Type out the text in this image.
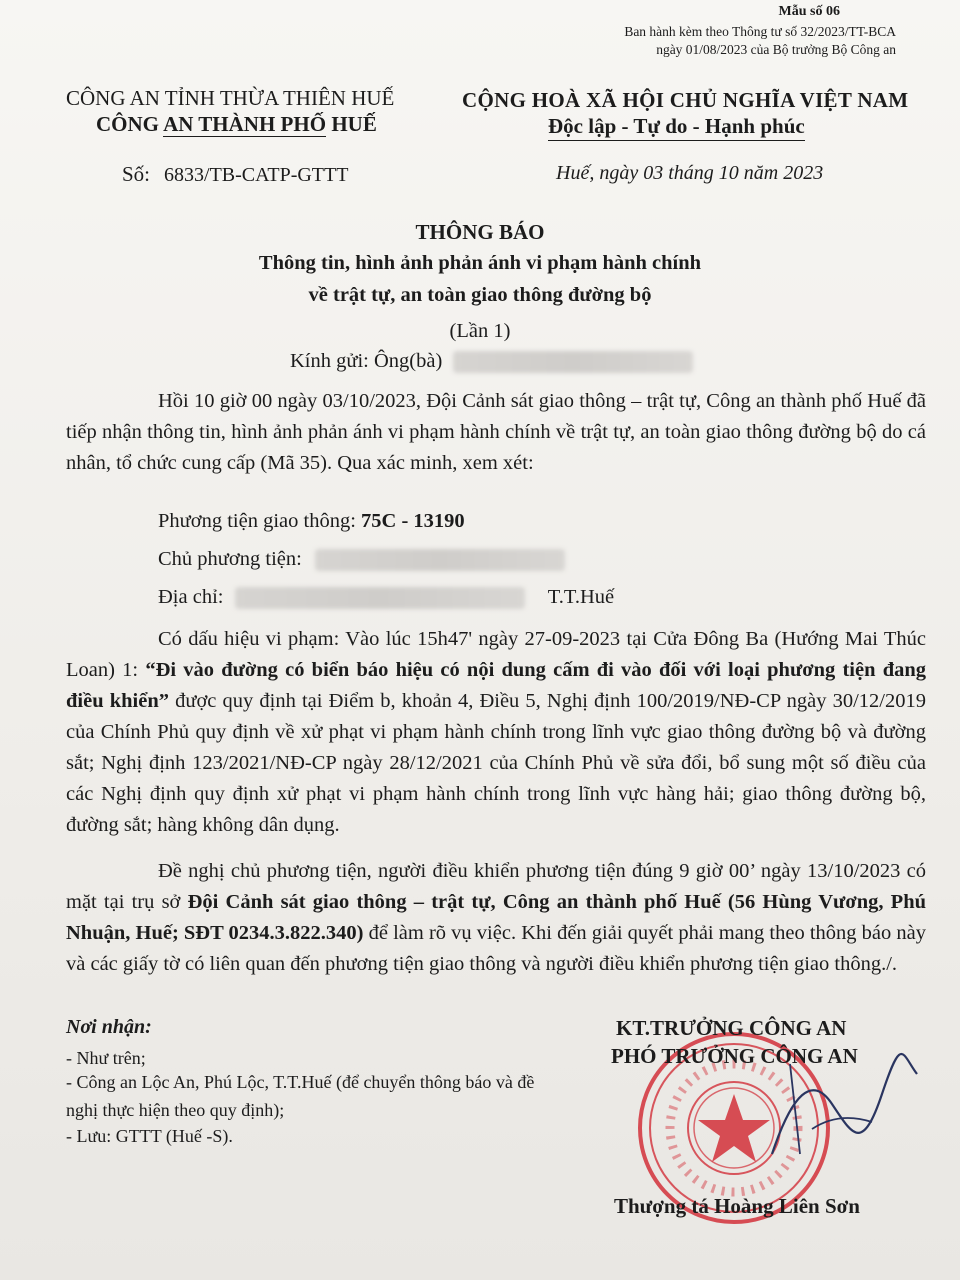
Mẫu số 06
Ban hành kèm theo Thông tư số 32/2023/TT-BCA
ngày 01/08/2023 của Bộ trưởng Bộ Công an
CÔNG AN TỈNH THỪA THIÊN HUẾ
CÔNG AN THÀNH PHỐ HUẾ
CỘNG HOÀ XÃ HỘI CHỦ NGHĨA VIỆT NAM
Độc lập - Tự do - Hạnh phúc
Số: 6833/TB-CATP-GTTT	Huế, ngày 03 tháng 10 năm 2023
THÔNG BÁO
Thông tin, hình ảnh phản ánh vi phạm hành chính
về trật tự, an toàn giao thông đường bộ
(Lần 1)
Kính gửi: Ông(bà)
Hồi 10 giờ 00 ngày 03/10/2023, Đội Cảnh sát giao thông – trật tự, Công an thành phố Huế đã tiếp nhận thông tin, hình ảnh phản ánh vi phạm hành chính về trật tự, an toàn giao thông đường bộ do cá nhân, tổ chức cung cấp (Mã 35). Qua xác minh, xem xét:
Phương tiện giao thông: 75C - 13190
Chủ phương tiện:
Địa chỉ:	T.T.Huế
Có dấu hiệu vi phạm: Vào lúc 15h47' ngày 27-09-2023 tại Cửa Đông Ba (Hướng Mai Thúc Loan) 1: “Đi vào đường có biển báo hiệu có nội dung cấm đi vào đối với loại phương tiện đang điều khiển” được quy định tại Điểm b, khoản 4, Điều 5, Nghị định 100/2019/NĐ-CP ngày 30/12/2019 của Chính Phủ quy định về xử phạt vi phạm hành chính trong lĩnh vực giao thông đường bộ và đường sắt; Nghị định 123/2021/NĐ-CP ngày 28/12/2021 của Chính Phủ về sửa đổi, bổ sung một số điều của các Nghị định quy định xử phạt vi phạm hành chính trong lĩnh vực hàng hải; giao thông đường bộ, đường sắt; hàng không dân dụng.
Đề nghị chủ phương tiện, người điều khiển phương tiện đúng 9 giờ 00’ ngày 13/10/2023 có mặt tại trụ sở Đội Cảnh sát giao thông – trật tự, Công an thành phố Huế (56 Hùng Vương, Phú Nhuận, Huế; SĐT 0234.3.822.340) để làm rõ vụ việc. Khi đến giải quyết phải mang theo thông báo này và các giấy tờ có liên quan đến phương tiện giao thông và người điều khiển phương tiện giao thông./.
Nơi nhận:
- Như trên;
- Công an Lộc An, Phú Lộc, T.T.Huế (để chuyển thông báo và đề nghị thực hiện theo quy định);
- Lưu: GTTT (Huế -S).
KT.TRƯỞNG CÔNG AN
PHÓ TRƯỞNG CÔNG AN
Thượng tá Hoàng Liên Sơn
